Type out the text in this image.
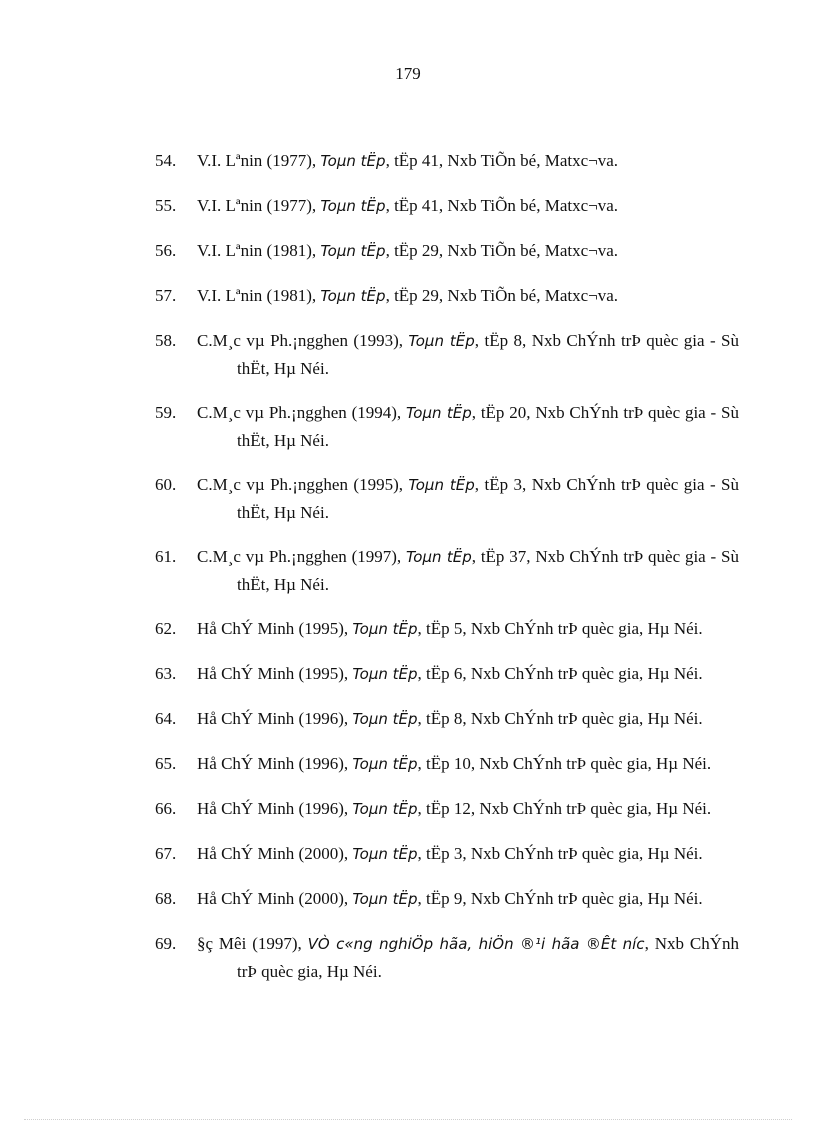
179

54.	V.I. Lªnin (1977), Toµn tËp, tËp 41, Nxb TiÕn bé, Matxc¬va.

55.	V.I. Lªnin (1977), Toµn tËp, tËp 41, Nxb TiÕn bé, Matxc¬va.

56.	V.I. Lªnin (1981), Toµn tËp, tËp 29, Nxb TiÕn bé, Matxc¬va.

57.	V.I. Lªnin (1981), Toµn tËp, tËp 29, Nxb TiÕn bé, Matxc¬va.

58.	C.M¸c vµ Ph.¡ngghen (1993), Toµn tËp, tËp 8, Nxb ChÝnh trÞ quèc gia - Sù thËt, Hµ Néi.

59.	C.M¸c vµ Ph.¡ngghen (1994), Toµn tËp, tËp 20, Nxb ChÝnh trÞ quèc gia - Sù thËt, Hµ Néi.

60.	C.M¸c vµ Ph.¡ngghen (1995), Toµn tËp, tËp 3, Nxb ChÝnh trÞ quèc gia - Sù thËt, Hµ Néi.

61.	C.M¸c vµ Ph.¡ngghen (1997), Toµn tËp, tËp 37, Nxb ChÝnh trÞ quèc gia - Sù thËt, Hµ Néi.

62.	Hå ChÝ Minh (1995), Toµn tËp, tËp 5, Nxb ChÝnh trÞ quèc gia, Hµ Néi.

63.	Hå ChÝ Minh (1995), Toµn tËp, tËp 6, Nxb ChÝnh trÞ quèc gia, Hµ Néi.

64.	Hå ChÝ Minh (1996), Toµn tËp, tËp 8, Nxb ChÝnh trÞ quèc gia, Hµ Néi.

65.	Hå ChÝ Minh (1996), Toµn tËp, tËp 10, Nxb ChÝnh trÞ quèc gia, Hµ Néi.

66.	Hå ChÝ Minh (1996), Toµn tËp, tËp 12, Nxb ChÝnh trÞ quèc gia, Hµ Néi.

67.	Hå ChÝ Minh (2000), Toµn tËp, tËp 3, Nxb ChÝnh trÞ quèc gia, Hµ Néi.

68.	Hå ChÝ Minh (2000), Toµn tËp, tËp 9, Nxb ChÝnh trÞ quèc gia, Hµ Néi.

69.	§ç Mêi (1997), VÒ c«ng nghiÖp hãa, hiÖn ®¹i hãa ®Êt níc, Nxb ChÝnh trÞ quèc gia, Hµ Néi.
